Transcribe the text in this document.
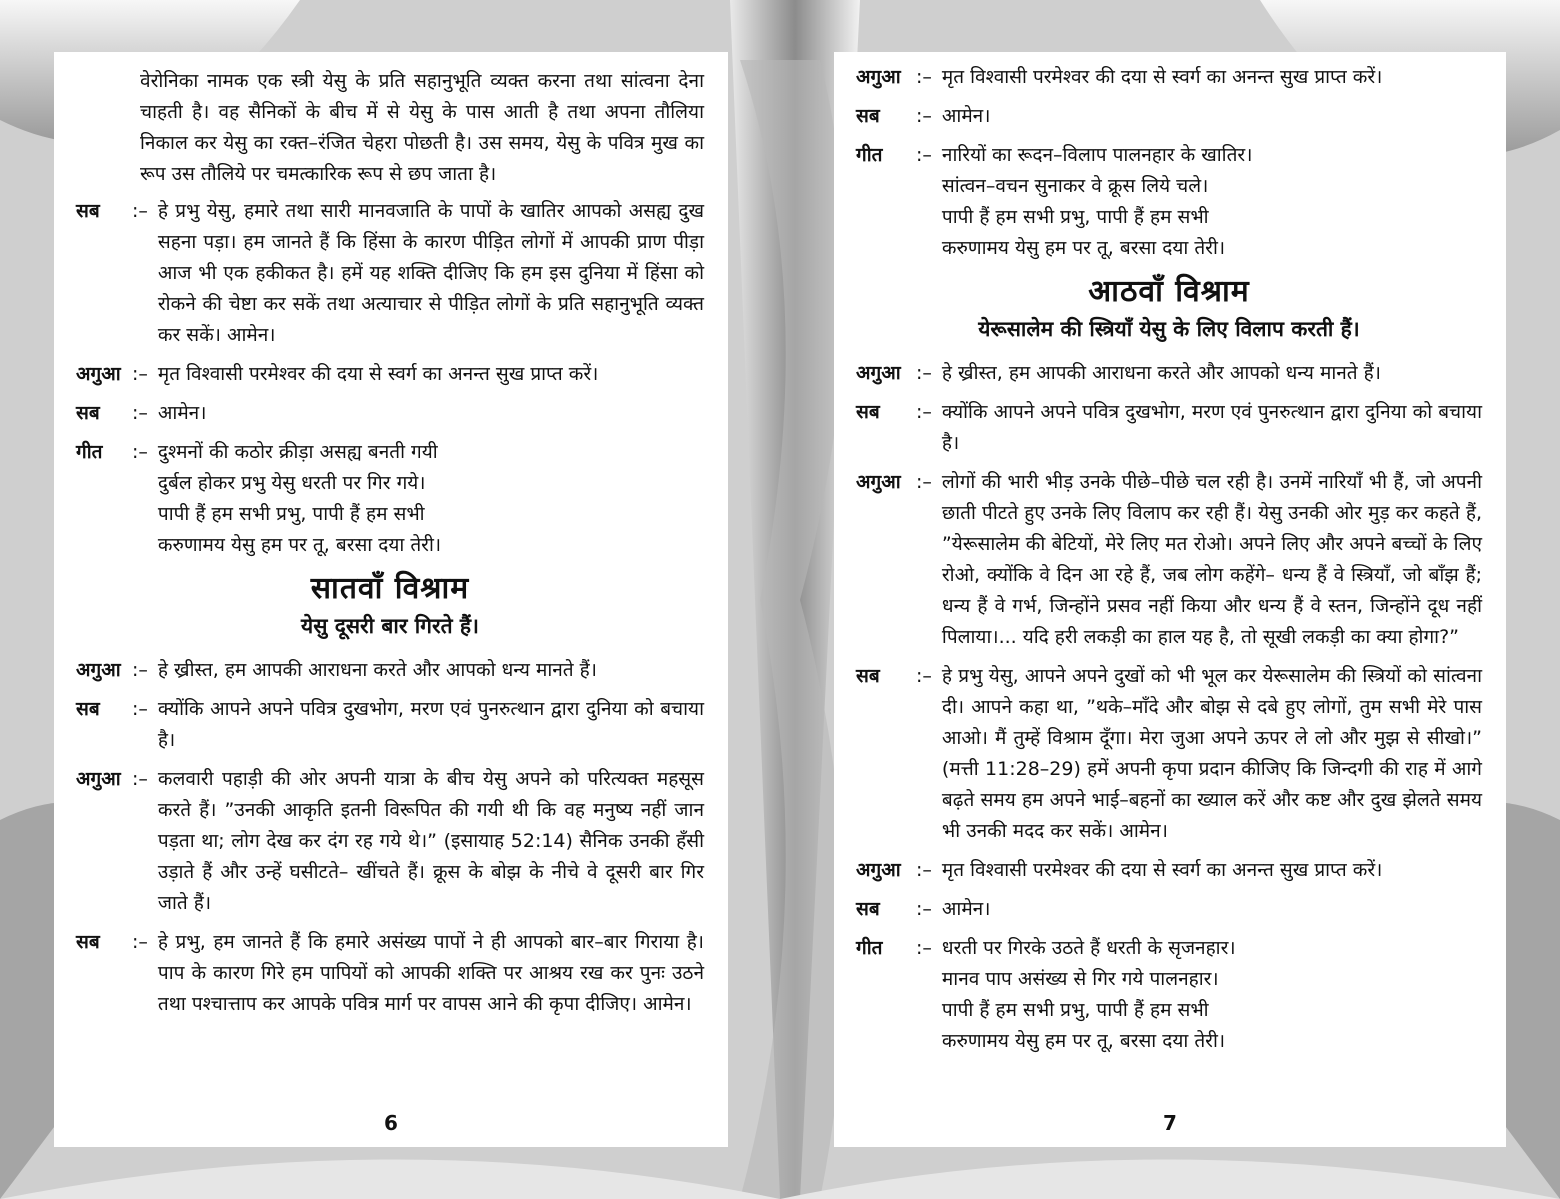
वेरोनिका नामक एक स्त्री येसु के प्रति सहानुभूति व्यक्त करना तथा सांत्वना देना चाहती है। वह सैनिकों के बीच में से येसु के पास आती है तथा अपना तौलिया निकाल कर येसु का रक्त–रंजित चेहरा पोछती है। उस समय, येसु के पवित्र मुख का रूप उस तौलिये पर चमत्कारिक रूप से छप जाता है।
सब	:– हे प्रभु येसु, हमारे तथा सारी मानवजाति के पापों के खातिर आपको असह्य दुख सहना पड़ा। हम जानते हैं कि हिंसा के कारण पीड़ित लोगों में आपकी प्राण पीड़ा आज भी एक हकीकत है। हमें यह शक्ति दीजिए कि हम इस दुनिया में हिंसा को रोकने की चेष्टा कर सकें तथा अत्याचार से पीड़ित लोगों के प्रति सहानुभूति व्यक्त कर सकें। आमेन।
अगुआ :– मृत विश्वासी परमेश्वर की दया से स्वर्ग का अनन्त सुख प्राप्त करें।
सब	:– आमेन।
गीत	:– दुश्मनों की कठोर क्रीड़ा असह्य बनती गयी
दुर्बल होकर प्रभु येसु धरती पर गिर गये।
पापी हैं हम सभी प्रभु, पापी हैं हम सभी
करुणामय येसु हम पर तू, बरसा दया तेरी।
सातवाँ विश्राम
येसु दूसरी बार गिरते हैं।
अगुआ :– हे ख्रीस्त, हम आपकी आराधना करते और आपको धन्य मानते हैं।
सब	:– क्योंकि आपने अपने पवित्र दुखभोग, मरण एवं पुनरुत्थान द्वारा दुनिया को बचाया है।
अगुआ :– कलवारी पहाड़ी की ओर अपनी यात्रा के बीच येसु अपने को परित्यक्त महसूस करते हैं। ”उनकी आकृति इतनी विरूपित की गयी थी कि वह मनुष्य नहीं जान पड़ता था; लोग देख कर दंग रह गये थे।” (इसायाह 52:14) सैनिक उनकी हँसी उड़ाते हैं और उन्हें घसीटते– खींचते हैं। क्रूस के बोझ के नीचे वे दूसरी बार गिर जाते हैं।
सब	:– हे प्रभु, हम जानते हैं कि हमारे असंख्य पापों ने ही आपको बार–बार गिराया है। पाप के कारण गिरे हम पापियों को आपकी शक्ति पर आश्रय रख कर पुनः उठने तथा पश्चात्ताप कर आपके पवित्र मार्ग पर वापस आने की कृपा दीजिए। आमेन।
6
अगुआ :– मृत विश्वासी परमेश्वर की दया से स्वर्ग का अनन्त सुख प्राप्त करें।
सब	:– आमेन।
गीत	:– नारियों का रूदन–विलाप पालनहार के खातिर।
सांत्वन–वचन सुनाकर वे क्रूस लिये चले।
पापी हैं हम सभी प्रभु, पापी हैं हम सभी
करुणामय येसु हम पर तू, बरसा दया तेरी।
आठवाँ विश्राम
येरूसालेम की स्त्रियाँ येसु के लिए विलाप करती हैं।
अगुआ :– हे ख्रीस्त, हम आपकी आराधना करते और आपको धन्य मानते हैं।
सब	:– क्योंकि आपने अपने पवित्र दुखभोग, मरण एवं पुनरुत्थान द्वारा दुनिया को बचाया है।
अगुआ :– लोगों की भारी भीड़ उनके पीछे–पीछे चल रही है। उनमें नारियाँ भी हैं, जो अपनी छाती पीटते हुए उनके लिए विलाप कर रही हैं। येसु उनकी ओर मुड़ कर कहते हैं, ”येरूसालेम की बेटियों, मेरे लिए मत रोओ। अपने लिए और अपने बच्चों के लिए रोओ, क्योंकि वे दिन आ रहे हैं, जब लोग कहेंगे– धन्य हैं वे स्त्रियाँ, जो बाँझ हैं; धन्य हैं वे गर्भ, जिन्होंने प्रसव नहीं किया और धन्य हैं वे स्तन, जिन्होंने दूध नहीं पिलाया।... यदि हरी लकड़ी का हाल यह है, तो सूखी लकड़ी का क्या होगा?”
सब	:– हे प्रभु येसु, आपने अपने दुखों को भी भूल कर येरूसालेम की स्त्रियों को सांत्वना दी। आपने कहा था, ”थके–माँदे और बोझ से दबे हुए लोगों, तुम सभी मेरे पास आओ। मैं तुम्हें विश्राम दूँगा। मेरा जुआ अपने ऊपर ले लो और मुझ से सीखो।” (मत्ती 11:28–29) हमें अपनी कृपा प्रदान कीजिए कि जिन्दगी की राह में आगे बढ़ते समय हम अपने भाई–बहनों का ख्याल करें और कष्ट और दुख झेलते समय भी उनकी मदद कर सकें। आमेन।
अगुआ :– मृत विश्वासी परमेश्वर की दया से स्वर्ग का अनन्त सुख प्राप्त करें।
सब	:– आमेन।
गीत	:– धरती पर गिरके उठते हैं धरती के सृजनहार।
मानव पाप असंख्य से गिर गये पालनहार।
पापी हैं हम सभी प्रभु, पापी हैं हम सभी
करुणामय येसु हम पर तू, बरसा दया तेरी।
7
